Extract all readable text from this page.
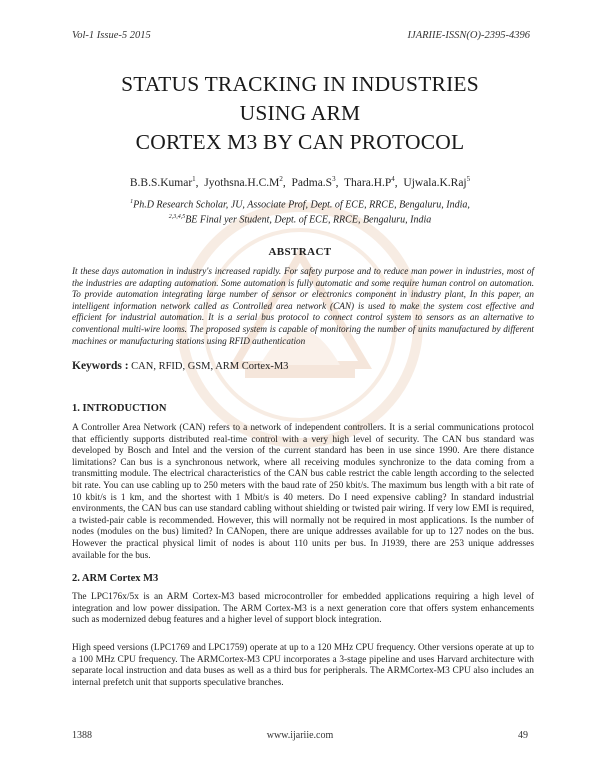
Vol-1 Issue-5 2015	IJARIIE-ISSN(O)-2395-4396
STATUS TRACKING IN INDUSTRIES
USING ARM
CORTEX M3 BY CAN PROTOCOL
B.B.S.Kumar$^1$,  $Jyothsna.H.C.M^2$,  $Padma.S^3$,  $Thara.H.P^4$,  Ujwala.K.Raj$^5$
$^1$Ph.D Research Scholar, JU, Associate Prof, Dept. of ECE, RRCE, Bengaluru, India,
$^{2,3,4,5}$BE Final yer Student, Dept. of ECE, RRCE, Bengaluru, India
ABSTRACT
It these days automation in industry's increased rapidly. For safety purpose and to reduce man power in industries, most of the industries are adapting automation. Some automation is fully automatic and some require human control on automation. To provide automation integrating large number of sensor or electronics component in industry plant, In this paper, an intelligent information network called as Controlled area network (CAN) is used to make the system cost effective and efficient for industrial automation. It is a serial bus protocol to connect control system to sensors as an alternative to conventional multi-wire looms. The proposed system is capable of monitoring the number of units manufactured by different machines or manufacturing stations using RFID authentication
Keywords : CAN, RFID, GSM, ARM Cortex-M3
1. INTRODUCTION
A Controller Area Network (CAN) refers to a network of independent controllers. It is a serial communications protocol that efficiently supports distributed real-time control with a very high level of security. The CAN bus standard was developed by Bosch and Intel and the version of the current standard has been in use since 1990. Are there distance limitations? Can bus is a synchronous network, where all receiving modules synchronize to the data coming from a transmitting module. The electrical characteristics of the CAN bus cable restrict the cable length according to the selected bit rate. You can use cabling up to 250 meters with the baud rate of 250 kbit/s. The maximum bus length with a bit rate of 10 kbit/s is 1 km, and the shortest with 1 Mbit/s is 40 meters. Do I need expensive cabling? In standard industrial environments, the CAN bus can use standard cabling without shielding or twisted pair wiring. If very low EMI is required, a twisted-pair cable is recommended. However, this will normally not be required in most applications. Is the number of nodes (modules on the bus) limited? In CANopen, there are unique addresses available for up to 127 nodes on the bus. However the practical physical limit of nodes is about 110 units per bus. In J1939, there are 253 unique addresses available for the bus.
2. ARM Cortex M3
The LPC176x/5x is an ARM Cortex-M3 based microcontroller for embedded applications requiring a high level of integration and low power dissipation. The ARM Cortex-M3 is a next generation core that offers system enhancements such as modernized debug features and a higher level of support block integration.
High speed versions (LPC1769 and LPC1759) operate at up to a 120 MHz CPU frequency. Other versions operate at up to a 100 MHz CPU frequency. The ARMCortex-M3 CPU incorporates a 3-stage pipeline and uses Harvard architecture with separate local instruction and data buses as well as a third bus for peripherals. The ARMCortex-M3 CPU also includes an internal prefetch unit that supports speculative branches.
1388	www.ijariie.com	49
